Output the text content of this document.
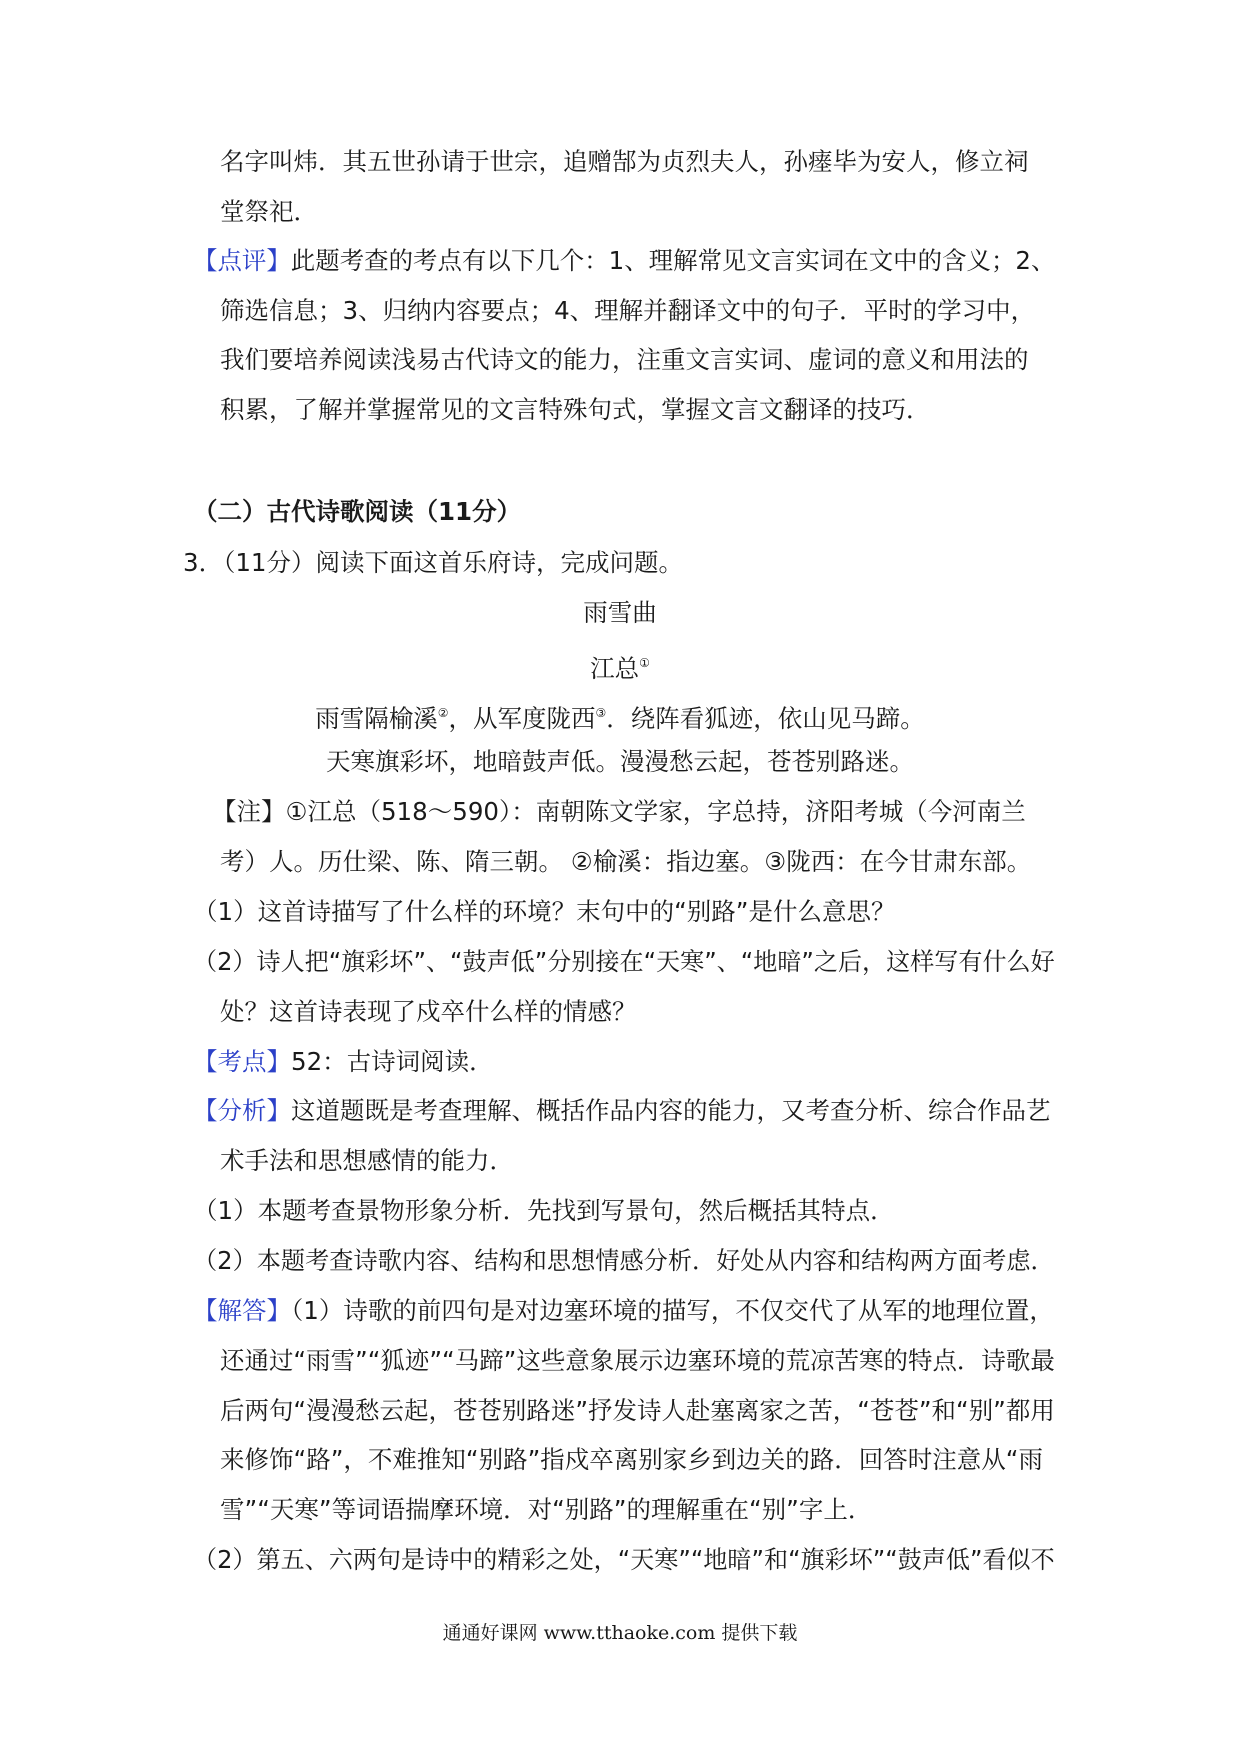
名字叫炜．其五世孙请于世宗，追赠郜为贞烈夫人，孙瘗毕为安人，修立祠
堂祭祀．
【点评】此题考查的考点有以下几个：1、理解常见文言实词在文中的含义；2、
筛选信息；3、归纳内容要点；4、理解并翻译文中的句子．平时的学习中，
我们要培养阅读浅易古代诗文的能力，注重文言实词、虚词的意义和用法的
积累，了解并掌握常见的文言特殊句式，掌握文言文翻译的技巧．
（二）古代诗歌阅读（11分）
3．（11分）阅读下面这首乐府诗，完成问题。
雨雪曲
江总①
雨雪隔榆溪②，从军度陇西③．绕阵看狐迹，依山见马蹄。
天寒旗彩坏，地暗鼓声低。漫漫愁云起，苍苍别路迷。
【注】①江总（518～590）：南朝陈文学家，字总持，济阳考城（今河南兰
考）人。历仕梁、陈、隋三朝。 ②榆溪：指边塞。③陇西：在今甘肃东部。
（1）这首诗描写了什么样的环境？末句中的“别路”是什么意思？
（2）诗人把“旗彩坏”、“鼓声低”分别接在“天寒”、“地暗”之后，这样写有什么好
处？这首诗表现了戍卒什么样的情感？
【考点】52：古诗词阅读．
【分析】这道题既是考查理解、概括作品内容的能力，又考查分析、综合作品艺
术手法和思想感情的能力．
（1）本题考查景物形象分析．先找到写景句，然后概括其特点．
（2）本题考查诗歌内容、结构和思想情感分析．好处从内容和结构两方面考虑．
【解答】（1）诗歌的前四句是对边塞环境的描写，不仅交代了从军的地理位置，
还通过“雨雪”“狐迹”“马蹄”这些意象展示边塞环境的荒凉苦寒的特点．诗歌最
后两句“漫漫愁云起，苍苍别路迷”抒发诗人赴塞离家之苦，“苍苍”和“别”都用
来修饰“路”，不难推知“别路”指戍卒离别家乡到边关的路．回答时注意从“雨
雪”“天寒”等词语揣摩环境．对“别路”的理解重在“别”字上．
（2）第五、六两句是诗中的精彩之处，“天寒”“地暗”和“旗彩坏”“鼓声低”看似不
通通好课网 www.tthaoke.com 提供下载
